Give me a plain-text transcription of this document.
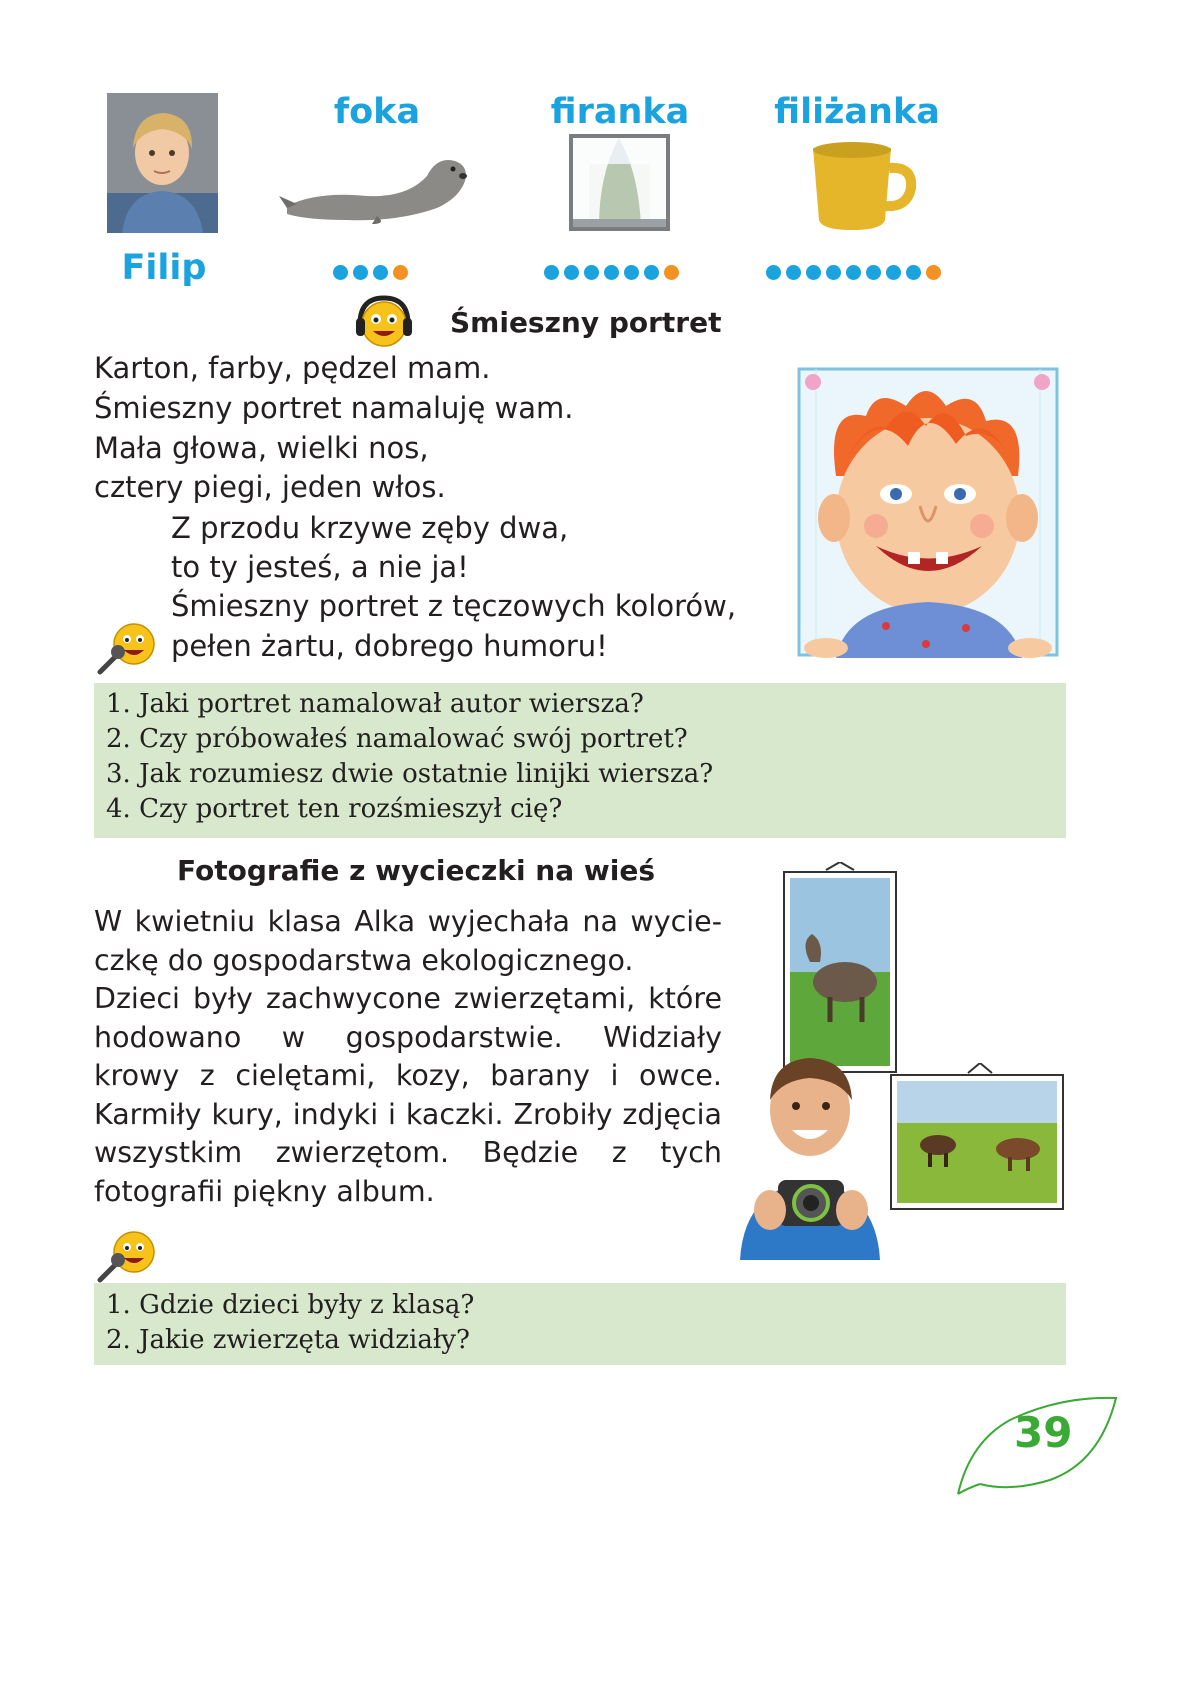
Filip
foka	firanka	filiżanka
Śmieszny portret
Karton, farby, pędzel mam.
Śmieszny portret namaluję wam.
Mała głowa, wielki nos,
cztery piegi, jeden włos.
Z przodu krzywe zęby dwa,
to ty jesteś, a nie ja!
Śmieszny portret z tęczowych kolorów,
pełen żartu, dobrego humoru!
1. Jaki portret namalował autor wiersza?
2. Czy próbowałeś namalować swój portret?
3. Jak rozumiesz dwie ostatnie linijki wiersza?
4. Czy portret ten rozśmieszył cię?
Fotografie z wycieczki na wieś
W kwietniu klasa Alka wyjechała na wycie-
czkę do gospodarstwa ekologicznego.
Dzieci były zachwycone zwierzętami, które
hodowano w gospodarstwie. Widziały
krowy z cielętami, kozy, barany i owce.
Karmiły kury, indyki i kaczki. Zrobiły zdjęcia
wszystkim zwierzętom. Będzie z tych
fotografii piękny album.
1. Gdzie dzieci były z klasą?
2. Jakie zwierzęta widziały?
39
